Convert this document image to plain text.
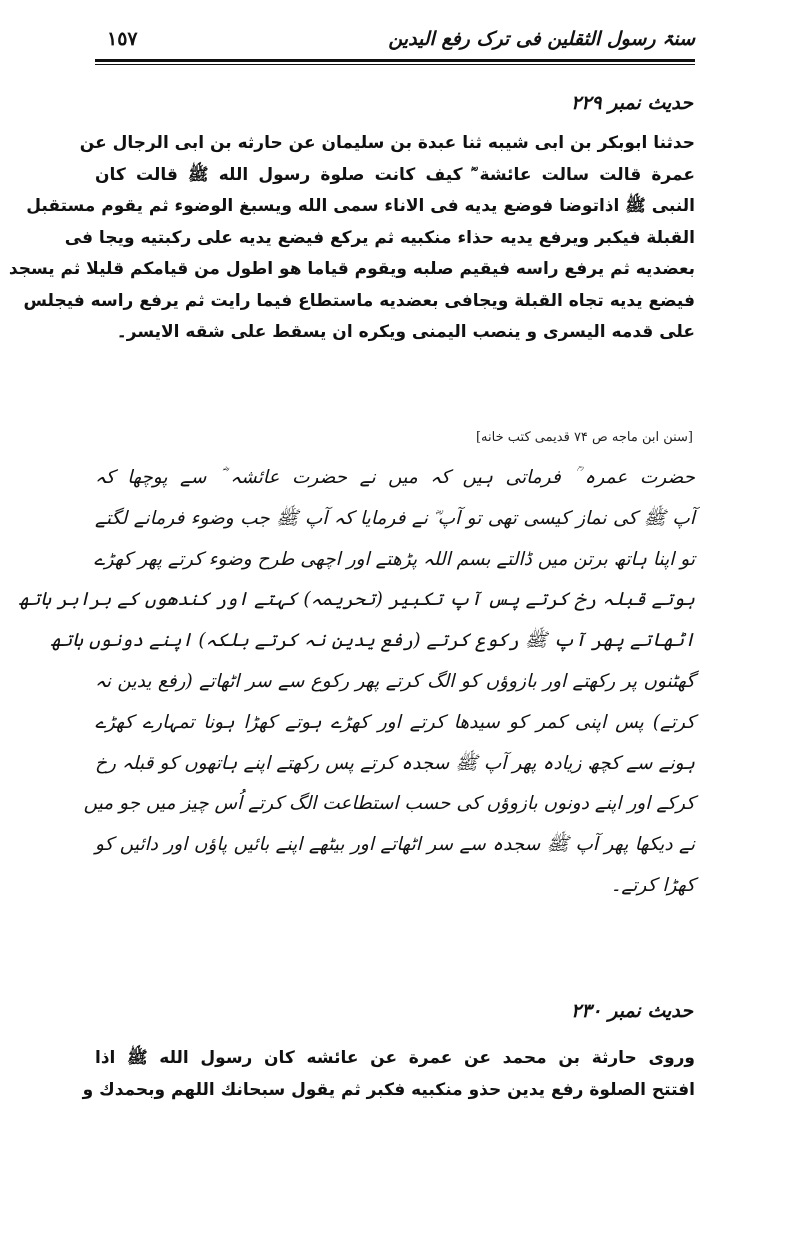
سنۃ رسول الثقلین فی ترک رفع الیدین
١٥٧
حدیث نمبر ۲۲۹
حدثنا ابوبکر بن ابی شیبه ثنا عبدة بن سليمان عن حارثه بن ابی الرجال عن
عمرة قالت سالت عائشة ؓ كيف كانت صلوة رسول الله ﷺ قالت كان
النبی ﷺ اذاتوضا فوضع یدیه فی الاناء سمی الله ویسبغ الوضوء ثم یقوم مستقبل
القبلة فيكبر ويرفع يديه حذاء منكبيه ثم يركع فيضع يديه على ركبتيه ويجا فی
بعضديه ثم يرفع راسه فيقيم صلبه ويقوم قياما هو اطول من قيامكم قليلا ثم يسجد
فيضع يديه تجاه القبلة ويجافی بعضديه ماستطاع فيما رايت ثم يرفع راسه فيجلس
على قدمه اليسرى و ينصب اليمنى ويكره ان يسقط على شقه الايسر۔
[سنن ابن ماجه ص ۷۴ قدیمی کتب خانه]
حضرت عمرہ ؒ فرماتی ہیں کہ میں نے حضرت عائشہ ؓ سے پوچھا کہ
آپ ﷺ کی نماز کیسی تھی تو آپ ؓ نے فرمایا کہ آپ ﷺ جب وضوء فرمانے لگتے
تو اپنا ہاتھ برتن میں ڈالتے بسم اللہ پڑھتے اور اچھی طرح وضوء کرتے پھر کھڑے
ہوتے قبلہ رخ کرتے پس آپ تکبیر (تحریمہ) کہتے اور کندھوں کے برابر ہاتھ
اٹھاتے پھر آپ ﷺ رکوع کرتے (رفع یدین نہ کرتے بلکہ) اپنے دونوں ہاتھ
گھٹنوں پر رکھتے اور بازوؤں کو الگ کرتے پھر رکوع سے سر اٹھاتے (رفع یدین نہ
کرتے) پس اپنی کمر کو سیدھا کرتے اور کھڑے ہوتے کھڑا ہونا تمہارے کھڑے
ہونے سے کچھ زیادہ پھر آپ ﷺ سجدہ کرتے پس رکھتے اپنے ہاتھوں کو قبلہ رخ
کرکے اور اپنے دونوں بازوؤں کی حسب استطاعت الگ کرتے اُس چیز میں جو میں
نے دیکھا پھر آپ ﷺ سجدہ سے سر اٹھاتے اور بیٹھے اپنے بائیں پاؤں اور دائیں کو
کھڑا کرتے۔
حدیث نمبر ۲۳۰
وروی حارثة بن محمد عن عمرة عن عائشه كان رسول الله ﷺ اذا
افتتح الصلوة رفع يدين حذو منكبيه فكبر ثم يقول سبحانك اللهم وبحمدك و
